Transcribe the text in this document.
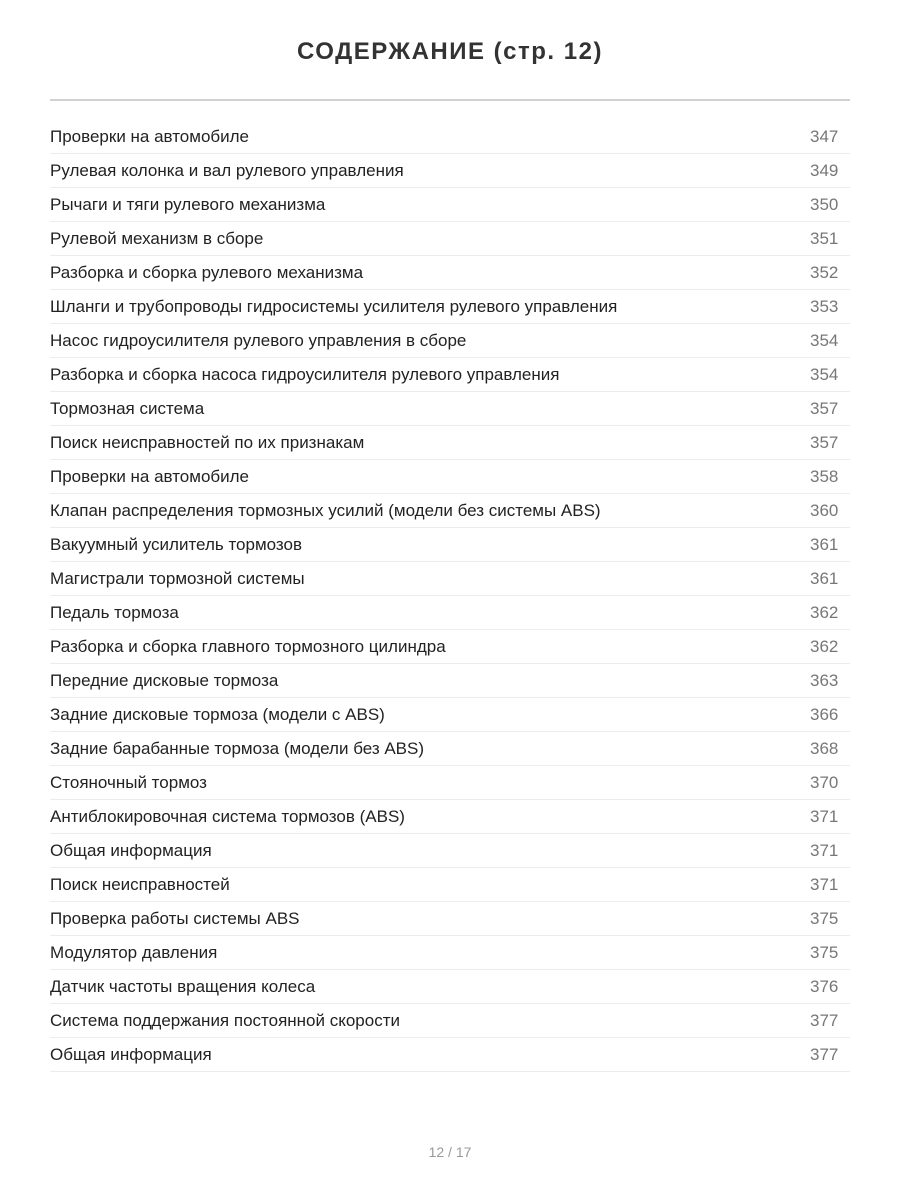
СОДЕРЖАНИЕ (стр. 12)
Проверки на автомобиле	347
Рулевая колонка и вал рулевого управления	349
Рычаги и тяги рулевого механизма	350
Рулевой механизм в сборе	351
Разборка и сборка рулевого механизма	352
Шланги и трубопроводы гидросистемы усилителя рулевого управления	353
Насос гидроусилителя рулевого управления в сборе	354
Разборка и сборка насоса гидроусилителя рулевого управления	354
Тормозная система	357
Поиск неисправностей по их признакам	357
Проверки на автомобиле	358
Клапан распределения тормозных усилий (модели без системы ABS)	360
Вакуумный усилитель тормозов	361
Магистрали тормозной системы	361
Педаль тормоза	362
Разборка и сборка главного тормозного цилиндра	362
Передние дисковые тормоза	363
Задние дисковые тормоза (модели с ABS)	366
Задние барабанные тормоза (модели без ABS)	368
Стояночный тормоз	370
Антиблокировочная система тормозов (ABS)	371
Общая информация	371
Поиск неисправностей	371
Проверка работы системы ABS	375
Модулятор давления	375
Датчик частоты вращения колеса	376
Система поддержания постоянной скорости	377
Общая информация	377
12 / 17
